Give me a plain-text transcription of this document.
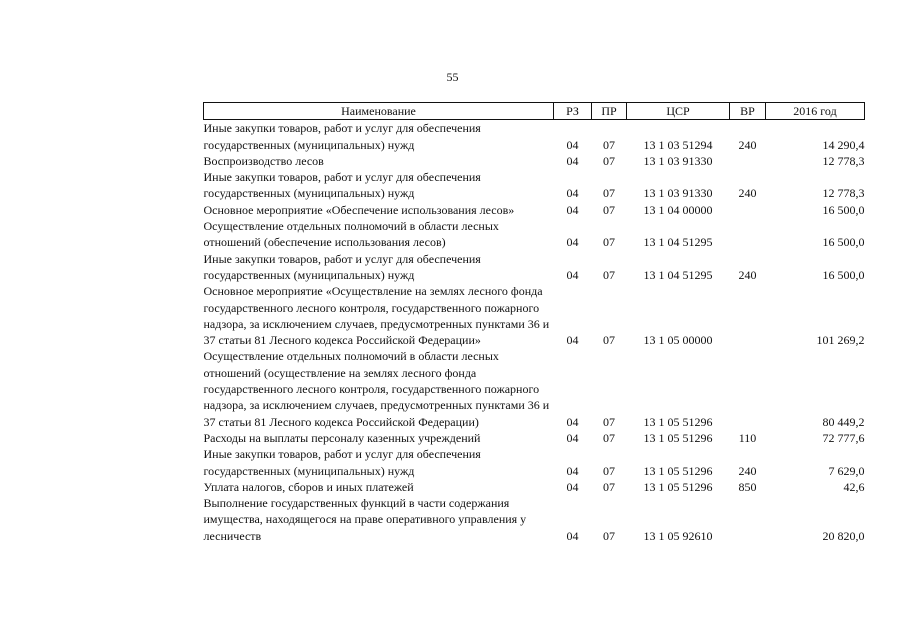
55
Наименование	РЗ	ПР	ЦСР	ВР	2016 год
Иные закупки товаров, работ и услуг для обеспечения государственных (муниципальных) нужд	04	07	13 1 03 51294	240	14 290,4
Воспроизводство лесов	04	07	13 1 03 91330		12 778,3
Иные закупки товаров, работ и услуг для обеспечения государственных (муниципальных) нужд	04	07	13 1 03 91330	240	12 778,3
Основное мероприятие «Обеспечение использования лесов»	04	07	13 1 04 00000		16 500,0
Осуществление отдельных полномочий в области лесных отношений (обеспечение использования лесов)	04	07	13 1 04 51295		16 500,0
Иные закупки товаров, работ и услуг для обеспечения государственных (муниципальных) нужд	04	07	13 1 04 51295	240	16 500,0
Основное мероприятие «Осуществление на землях лесного фонда государственного лесного контроля, государственного пожарного надзора, за исключением случаев, предусмотренных пунктами 36 и 37 статьи 81 Лесного кодекса Российской Федерации»	04	07	13 1 05 00000		101 269,2
Осуществление отдельных полномочий в области лесных отношений (осуществление на землях лесного фонда государственного лесного контроля, государственного пожарного надзора, за исключением случаев, предусмотренных пунктами 36 и 37 статьи 81 Лесного кодекса Российской Федерации)	04	07	13 1 05 51296		80 449,2
Расходы на выплаты персоналу казенных учреждений	04	07	13 1 05 51296	110	72 777,6
Иные закупки товаров, работ и услуг для обеспечения государственных (муниципальных) нужд	04	07	13 1 05 51296	240	7 629,0
Уплата налогов, сборов и иных платежей	04	07	13 1 05 51296	850	42,6
Выполнение государственных функций в части содержания имущества, находящегося на праве оперативного управления у лесничеств	04	07	13 1 05 92610		20 820,0
